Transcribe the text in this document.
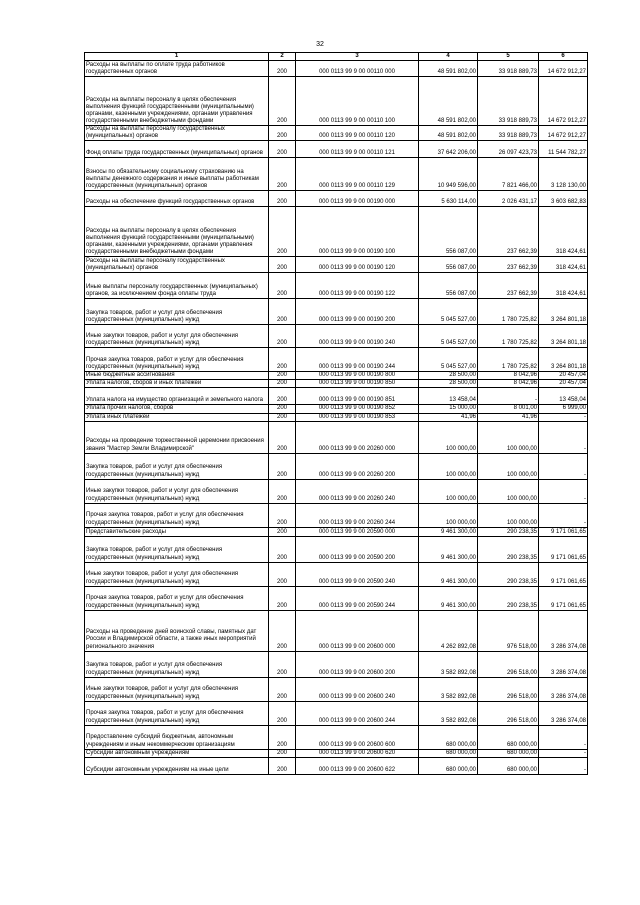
32
1	2	3	4	5	6
Расходы на выплаты по оплате труда работников государственных органов	200	000 0113 99 9 00 00110 000	48 591 802,00	33 918 889,73	14 672 912,27
Расходы на выплаты персоналу в целях обеспечения выполнения функций государственными (муниципальными) органами, казенными учреждениями, органами управления государственными внебюджетными фондами	200	000 0113 99 9 00 00110 100	48 591 802,00	33 918 889,73	14 672 912,27
Расходы на выплаты персоналу государственных (муниципальных) органов	200	000 0113 99 9 00 00110 120	48 591 802,00	33 918 889,73	14 672 912,27
Фонд оплаты труда государственных (муниципальных) органов	200	000 0113 99 9 00 00110 121	37 642 206,00	26 097 423,73	11 544 782,27
Взносы по обязательному социальному страхованию на выплаты денежного содержания и иные выплаты работникам государственных (муниципальных) органов	200	000 0113 99 9 00 00110 129	10 949 596,00	7 821 466,00	3 128 130,00
Расходы на обеспечение функций государственных органов	200	000 0113 99 9 00 00190 000	5 630 114,00	2 026 431,17	3 603 682,83
Расходы на выплаты персоналу в целях обеспечения выполнения функций государственными (муниципальными) органами, казенными учреждениями, органами управления государственными внебюджетными фондами	200	000 0113 99 9 00 00190 100	556 087,00	237 662,39	318 424,61
Расходы на выплаты персоналу государственных (муниципальных) органов	200	000 0113 99 9 00 00190 120	556 087,00	237 662,39	318 424,61
Иные выплаты персоналу государственных (муниципальных) органов, за исключением фонда оплаты труда	200	000 0113 99 9 00 00190 122	556 087,00	237 662,39	318 424,61
Закупка товаров, работ и услуг для обеспечения государственных (муниципальных) нужд	200	000 0113 99 9 00 00190 200	5 045 527,00	1 780 725,82	3 264 801,18
Иные закупки товаров, работ и услуг для обеспечения государственных (муниципальных) нужд	200	000 0113 99 9 00 00190 240	5 045 527,00	1 780 725,82	3 264 801,18
Прочая закупка товаров, работ и услуг для обеспечения государственных (муниципальных) нужд	200	000 0113 99 9 00 00190 244	5 045 527,00	1 780 725,82	3 264 801,18
Иные бюджетные ассигнования	200	000 0113 99 9 00 00190 800	28 500,00	8 042,96	20 457,04
Уплата налогов, сборов и иных платежей	200	000 0113 99 9 00 00190 850	28 500,00	8 042,96	20 457,04
Уплата налога на имущество организаций и земельного налога	200	000 0113 99 9 00 00190 851	13 458,04	-	13 458,04
Уплата прочих налогов, сборов	200	000 0113 99 9 00 00190 852	15 000,00	8 001,00	6 999,00
Уплата иных платежей	200	000 0113 99 9 00 00190 853	41,96	41,96	-
Расходы на проведение торжественной церемонии присвоения звания "Мастер Земли Владимирской"	200	000 0113 99 9 00 20260 000	100 000,00	100 000,00	-
Закупка товаров, работ и услуг для обеспечения государственных (муниципальных) нужд	200	000 0113 99 9 00 20260 200	100 000,00	100 000,00	-
Иные закупки товаров, работ и услуг для обеспечения государственных (муниципальных) нужд	200	000 0113 99 9 00 20260 240	100 000,00	100 000,00	-
Прочая закупка товаров, работ и услуг для обеспечения государственных (муниципальных) нужд	200	000 0113 99 9 00 20260 244	100 000,00	100 000,00	-
Представительские расходы	200	000 0113 99 9 00 20590 000	9 461 300,00	290 238,35	9 171 061,65
Закупка товаров, работ и услуг для обеспечения государственных (муниципальных) нужд	200	000 0113 99 9 00 20590 200	9 461 300,00	290 238,35	9 171 061,65
Иные закупки товаров, работ и услуг для обеспечения государственных (муниципальных) нужд	200	000 0113 99 9 00 20590 240	9 461 300,00	290 238,35	9 171 061,65
Прочая закупка товаров, работ и услуг для обеспечения государственных (муниципальных) нужд	200	000 0113 99 9 00 20590 244	9 461 300,00	290 238,35	9 171 061,65
Расходы на проведение дней воинской славы, памятных дат России и Владимирской области, а также иных мероприятий регионального значения	200	000 0113 99 9 00 20600 000	4 262 892,08	976 518,00	3 286 374,08
Закупка товаров, работ и услуг для обеспечения государственных (муниципальных) нужд	200	000 0113 99 9 00 20600 200	3 582 892,08	296 518,00	3 286 374,08
Иные закупки товаров, работ и услуг для обеспечения государственных (муниципальных) нужд	200	000 0113 99 9 00 20600 240	3 582 892,08	296 518,00	3 286 374,08
Прочая закупка товаров, работ и услуг для обеспечения государственных (муниципальных) нужд	200	000 0113 99 9 00 20600 244	3 582 892,08	296 518,00	3 286 374,08
Предоставление субсидий бюджетным, автономным учреждениям и иным некоммерческим организациям	200	000 0113 99 9 00 20600 600	680 000,00	680 000,00	-
Субсидии автономным учреждениям	200	000 0113 99 9 00 20600 620	680 000,00	680 000,00	-
Субсидии автономным учреждениям на иные цели	200	000 0113 99 9 00 20600 622	680 000,00	680 000,00	-
